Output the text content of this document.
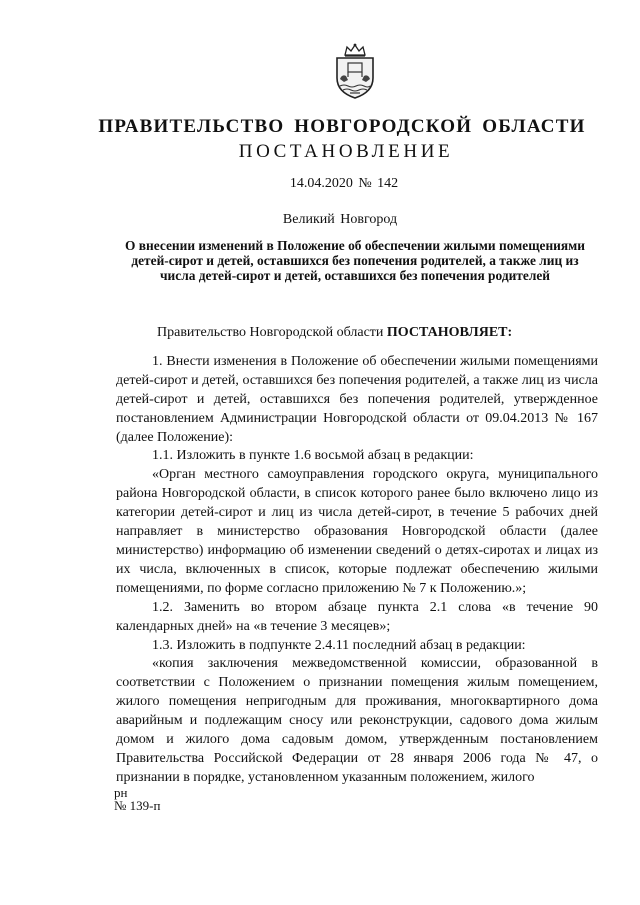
ПРАВИТЕЛЬСТВО НОВГОРОДСКОЙ ОБЛАСТИ
ПОСТАНОВЛЕНИЕ
14.04.2020 № 142
Великий Новгород
О внесении изменений в Положение об обеспечении жилыми помещениями детей-сирот и детей, оставшихся без попечения родителей, а также лиц из числа детей-сирот и детей, оставшихся без попечения родителей

Правительство Новгородской области ПОСТАНОВЛЯЕТ:

1. Внести изменения в Положение об обеспечении жилыми помещениями детей-сирот и детей, оставшихся без попечения родителей, а также лиц из числа детей-сирот и детей, оставшихся без попечения родителей, утвержденное постановлением Администрации Новгородской области от 09.04.2013 № 167 (далее Положение):

1.1. Изложить в пункте 1.6 восьмой абзац в редакции:

«Орган местного самоуправления городского округа, муниципального района Новгородской области, в список которого ранее было включено лицо из категории детей-сирот и лиц из числа детей-сирот, в течение 5 рабочих дней направляет в министерство образования Новгородской области (далее министерство) информацию об изменении сведений о детях-сиротах и лицах из их числа, включенных в список, которые подлежат обеспечению жилыми помещениями, по форме согласно приложению № 7 к Положению.»;

1.2. Заменить во втором абзаце пункта 2.1 слова «в течение 90 календарных дней» на «в течение 3 месяцев»;

1.3. Изложить в подпункте 2.4.11 последний абзац в редакции:

«копия заключения межведомственной комиссии, образованной в соответствии с Положением о признании помещения жилым помещением, жилого помещения непригодным для проживания, многоквартирного дома аварийным и подлежащим сносу или реконструкции, садового дома жилым домом и жилого дома садовым домом, утвержденным постановлением Правительства Российской Федерации от 28 января 2006 года № 47, о признании в порядке, установленном указанным положением, жилого

рн
№ 139-п
